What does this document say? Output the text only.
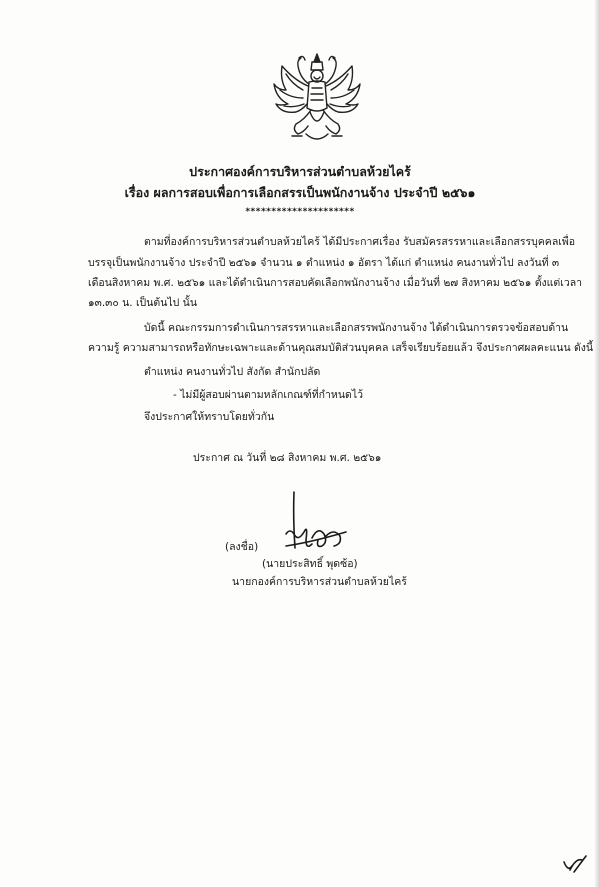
ประกาศองค์การบริหารส่วนตำบลห้วยไคร้
เรื่อง ผลการสอบเพื่อการเลือกสรรเป็นพนักงานจ้าง ประจำปี ๒๕๖๑
*********************
ตามที่องค์การบริหารส่วนตำบลห้วยไคร้ ได้มีประกาศเรื่อง รับสมัครสรรหาและเลือกสรรบุคคลเพื่อ
บรรจุเป็นพนักงานจ้าง ประจำปี ๒๕๖๑ จำนวน ๑ ตำแหน่ง ๑ อัตรา ได้แก่ ตำแหน่ง คนงานทั่วไป ลงวันที่ ๓
เดือนสิงหาคม พ.ศ. ๒๕๖๑ และได้ดำเนินการสอบคัดเลือกพนักงานจ้าง เมื่อวันที่ ๒๗ สิงหาคม ๒๕๖๑ ตั้งแต่เวลา
๑๓.๓๐ น. เป็นต้นไป นั้น
บัดนี้ คณะกรรมการดำเนินการสรรหาและเลือกสรรพนักงานจ้าง ได้ดำเนินการตรวจข้อสอบด้าน
ความรู้ ความสามารถหรือทักษะเฉพาะและด้านคุณสมบัติส่วนบุคคล เสร็จเรียบร้อยแล้ว จึงประกาศผลคะแนน ดังนี้
ตำแหน่ง คนงานทั่วไป สังกัด สำนักปลัด
- ไม่มีผู้สอบผ่านตามหลักเกณฑ์ที่กำหนดไว้
จึงประกาศให้ทราบโดยทั่วกัน
ประกาศ ณ วันที่ ๒๘ สิงหาคม พ.ศ. ๒๕๖๑
(ลงชื่อ)
(นายประสิทธิ์ พุดซ้อ)
นายกองค์การบริหารส่วนตำบลห้วยไคร้
